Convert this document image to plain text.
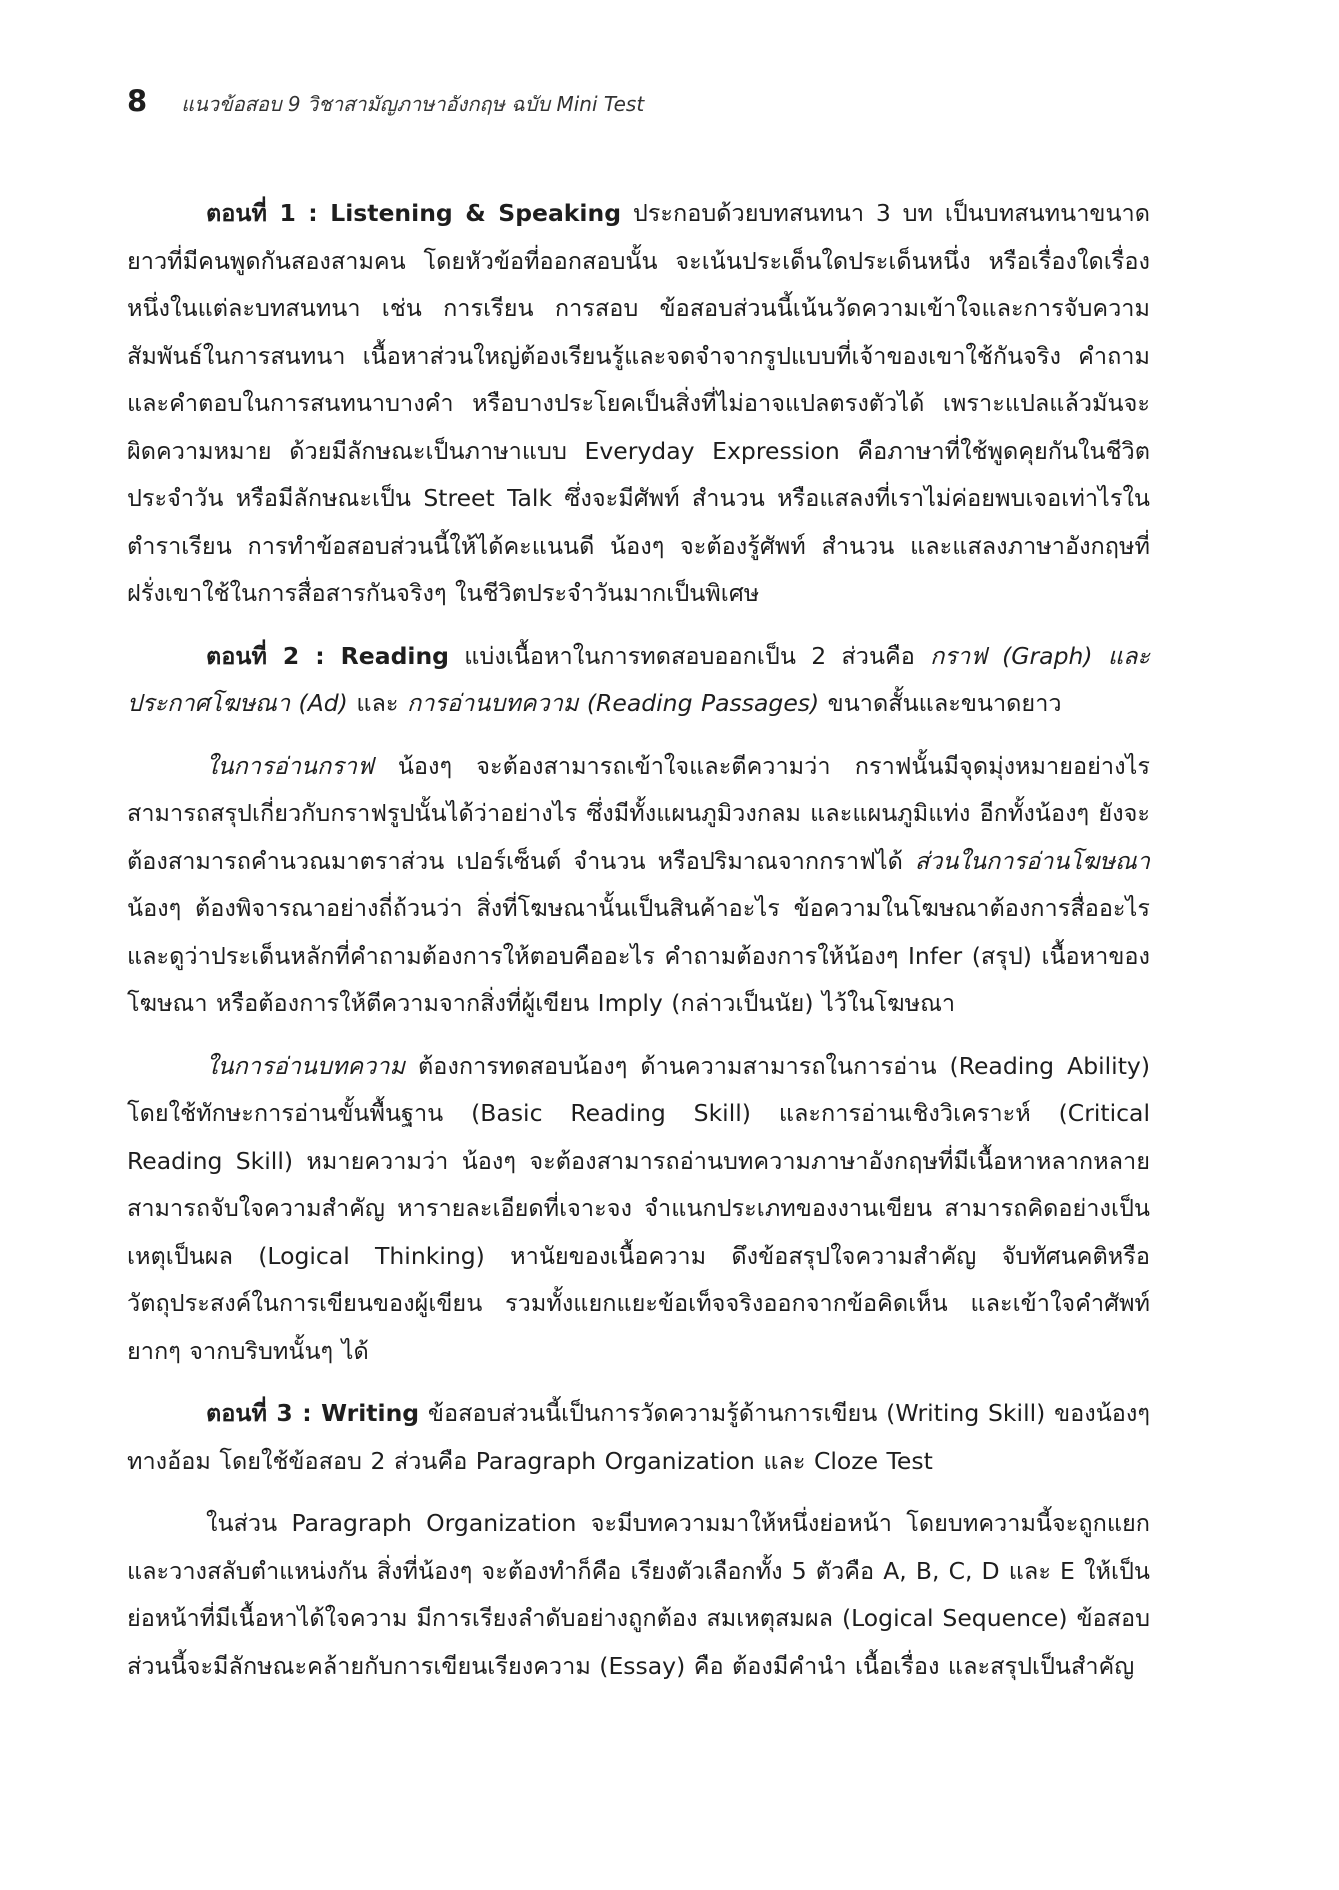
8 แนวข้อสอบ 9 วิชาสามัญภาษาอังกฤษ ฉบับ Mini Test

ตอนที่ 1 : Listening & Speaking ประกอบด้วยบทสนทนา 3 บท เป็นบทสนทนาขนาดยาวที่มีคนพูดกันสองสามคน โดยหัวข้อที่ออกสอบนั้น จะเน้นประเด็นใดประเด็นหนึ่ง หรือเรื่องใดเรื่องหนึ่งในแต่ละบทสนทนา เช่น การเรียน การสอบ ข้อสอบส่วนนี้เน้นวัดความเข้าใจและการจับความสัมพันธ์ในการสนทนา เนื้อหาส่วนใหญ่ต้องเรียนรู้และจดจำจากรูปแบบที่เจ้าของเขาใช้กันจริง คำถามและคำตอบในการสนทนาบางคำ หรือบางประโยคเป็นสิ่งที่ไม่อาจแปลตรงตัวได้ เพราะแปลแล้วมันจะผิดความหมาย ด้วยมีลักษณะเป็นภาษาแบบ Everyday Expression คือภาษาที่ใช้พูดคุยกันในชีวิตประจำวัน หรือมีลักษณะเป็น Street Talk ซึ่งจะมีศัพท์ สำนวน หรือแสลงที่เราไม่ค่อยพบเจอเท่าไรในตำราเรียน การทำข้อสอบส่วนนี้ให้ได้คะแนนดี น้องๆ จะต้องรู้ศัพท์ สำนวน และแสลงภาษาอังกฤษที่ฝรั่งเขาใช้ในการสื่อสารกันจริงๆ ในชีวิตประจำวันมากเป็นพิเศษ

ตอนที่ 2 : Reading แบ่งเนื้อหาในการทดสอบออกเป็น 2 ส่วนคือ กราฟ (Graph) และประกาศโฆษณา (Ad) และ การอ่านบทความ (Reading Passages) ขนาดสั้นและขนาดยาว

ในการอ่านกราฟ น้องๆ จะต้องสามารถเข้าใจและตีความว่า กราฟนั้นมีจุดมุ่งหมายอย่างไร สามารถสรุปเกี่ยวกับกราฟรูปนั้นได้ว่าอย่างไร ซึ่งมีทั้งแผนภูมิวงกลม และแผนภูมิแท่ง อีกทั้งน้องๆ ยังจะต้องสามารถคำนวณมาตราส่วน เปอร์เซ็นต์ จำนวน หรือปริมาณจากกราฟได้ ส่วนในการอ่านโฆษณา น้องๆ ต้องพิจารณาอย่างถี่ถ้วนว่า สิ่งที่โฆษณานั้นเป็นสินค้าอะไร ข้อความในโฆษณาต้องการสื่ออะไร และดูว่าประเด็นหลักที่คำถามต้องการให้ตอบคืออะไร คำถามต้องการให้น้องๆ Infer (สรุป) เนื้อหาของโฆษณา หรือต้องการให้ตีความจากสิ่งที่ผู้เขียน Imply (กล่าวเป็นนัย) ไว้ในโฆษณา

ในการอ่านบทความ ต้องการทดสอบน้องๆ ด้านความสามารถในการอ่าน (Reading Ability) โดยใช้ทักษะการอ่านขั้นพื้นฐาน (Basic Reading Skill) และการอ่านเชิงวิเคราะห์ (Critical Reading Skill) หมายความว่า น้องๆ จะต้องสามารถอ่านบทความภาษาอังกฤษที่มีเนื้อหาหลากหลาย สามารถจับใจความสำคัญ หารายละเอียดที่เจาะจง จำแนกประเภทของงานเขียน สามารถคิดอย่างเป็นเหตุเป็นผล (Logical Thinking) หานัยของเนื้อความ ดึงข้อสรุปใจความสำคัญ จับทัศนคติหรือวัตถุประสงค์ในการเขียนของผู้เขียน รวมทั้งแยกแยะข้อเท็จจริงออกจากข้อคิดเห็น และเข้าใจคำศัพท์ยากๆ จากบริบทนั้นๆ ได้

ตอนที่ 3 : Writing ข้อสอบส่วนนี้เป็นการวัดความรู้ด้านการเขียน (Writing Skill) ของน้องๆ ทางอ้อม โดยใช้ข้อสอบ 2 ส่วนคือ Paragraph Organization และ Cloze Test

ในส่วน Paragraph Organization จะมีบทความมาให้หนึ่งย่อหน้า โดยบทความนี้จะถูกแยกและวางสลับตำแหน่งกัน สิ่งที่น้องๆ จะต้องทำก็คือ เรียงตัวเลือกทั้ง 5 ตัวคือ A, B, C, D และ E ให้เป็นย่อหน้าที่มีเนื้อหาได้ใจความ มีการเรียงลำดับอย่างถูกต้อง สมเหตุสมผล (Logical Sequence) ข้อสอบส่วนนี้จะมีลักษณะคล้ายกับการเขียนเรียงความ (Essay) คือ ต้องมีคำนำ เนื้อเรื่อง และสรุปเป็นสำคัญ
